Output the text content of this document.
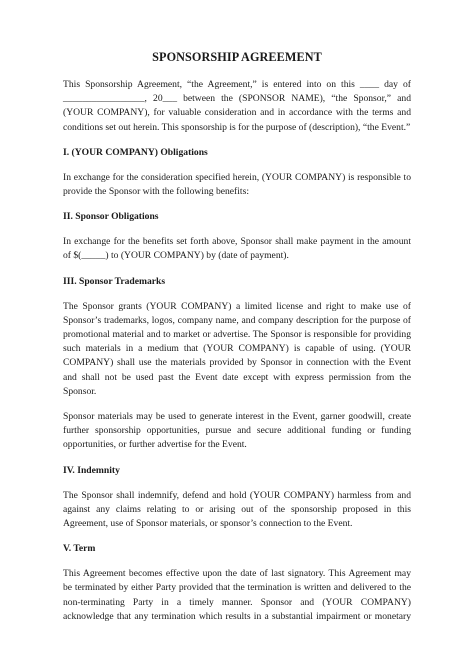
SPONSORSHIP AGREEMENT

This Sponsorship Agreement, “the Agreement,” is entered into on this ____ day of
_________________, 20___ between the (SPONSOR NAME), “the Sponsor,” and
(YOUR COMPANY), for valuable consideration and in accordance with the terms and
conditions set out herein. This sponsorship is for the purpose of (description), “the Event.”

I. (YOUR COMPANY) Obligations

In exchange for the consideration specified herein, (YOUR COMPANY) is responsible to
provide the Sponsor with the following benefits:

II. Sponsor Obligations

In exchange for the benefits set forth above, Sponsor shall make payment in the amount
of $(_____) to (YOUR COMPANY) by (date of payment).

III. Sponsor Trademarks

The Sponsor grants (YOUR COMPANY) a limited license and right to make use of
Sponsor’s trademarks, logos, company name, and company description for the purpose of
promotional material and to market or advertise. The Sponsor is responsible for providing
such materials in a medium that (YOUR COMPANY) is capable of using. (YOUR
COMPANY) shall use the materials provided by Sponsor in connection with the Event
and shall not be used past the Event date except with express permission from the
Sponsor.

Sponsor materials may be used to generate interest in the Event, garner goodwill, create
further sponsorship opportunities, pursue and secure additional funding or funding
opportunities, or further advertise for the Event.

IV. Indemnity

The Sponsor shall indemnify, defend and hold (YOUR COMPANY) harmless from and
against any claims relating to or arising out of the sponsorship proposed in this
Agreement, use of Sponsor materials, or sponsor’s connection to the Event.

V. Term

This Agreement becomes effective upon the date of last signatory. This Agreement may
be terminated by either Party provided that the termination is written and delivered to the
non-terminating Party in a timely manner. Sponsor and (YOUR COMPANY)
acknowledge that any termination which results in a substantial impairment or monetary
